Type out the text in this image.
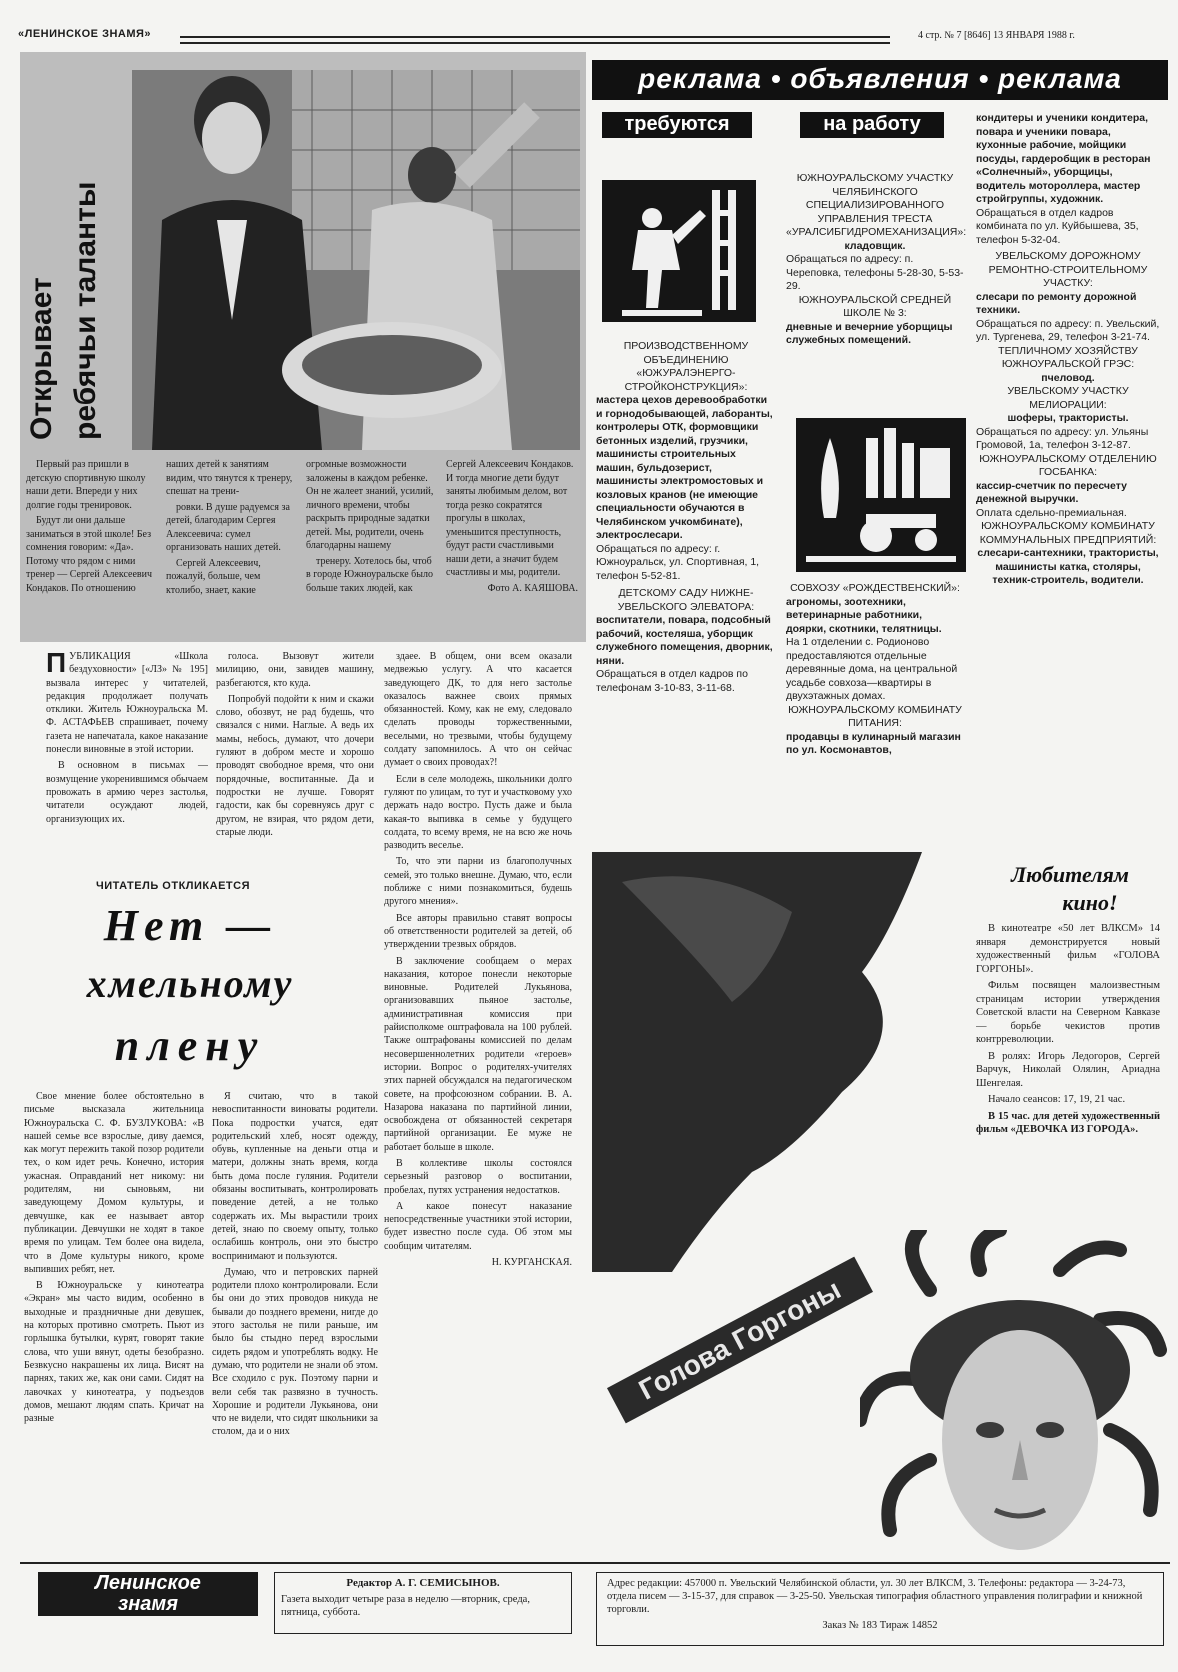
«ЛЕНИНСКОЕ ЗНАМЯ»	4 стр. № 7 [8646] 13 ЯНВАРЯ 1988 г.
Открывает ребячьи таланты

Первый раз пришли в детскую спортивную школу наши дети. Впереди у них долгие годы тренировок.

Будут ли они дальше заниматься в этой школе! Без сомнения говорим: «Да». Потому что рядом с ними тренер — Сергей Алексеевич Кондаков. По отношению наших детей к занятиям видим, что тянутся к тренеру, спешат на трени-

ровки. В душе радуемся за детей, благодарим Сергея Алексеевича: сумел организовать наших детей.

Сергей Алексеевич, пожалуй, больше, чем ктолибо, знает, какие огромные возможности заложены в каждом ребенке. Он не жалеет знаний, усилий, личного времени, чтобы раскрыть природные задатки детей. Мы, родители, очень благодарны нашему

тренеру. Хотелось бы, чтоб в городе Южноуральске было больше таких людей, как Сергей Алексеевич Кондаков. И тогда многие дети будут заняты любимым делом, вот тогда резко сократятся прогулы в школах, уменьшится преступность, будут расти счастливыми наши дети, а значит будем счастливы и мы, родители.

Фото А. КАЯШОВА.

ПУБЛИКАЦИЯ «Школа бездуховности» [«ЛЗ» № 195] вызвала интерес у читателей, редакция продолжает получать отклики. Житель Южноуральска М. Ф. АСТАФЬЕВ спрашивает, почему газета не напечатала, какое наказание понесли виновные в этой истории.

В основном в письмах — возмущение укоренившимся обычаем провожать в армию через застолья, читатели осуждают людей, организующих их.

ЧИТАТЕЛЬ ОТКЛИКАЕТСЯ
Нет —
хмельному
плену

голоса. Вызовут жители милицию, они, завидев машину, разбегаются, кто куда.

Попробуй подойти к ним и скажи слово, обозвут, не рад будешь, что связался с ними. Наглые. А ведь их мамы, небось, думают, что дочери гуляют в добром месте и хорошо проводят свободное время, что они порядочные, воспитанные. Да и подростки не лучше. Говорят гадости, как бы соревнуясь друг с другом, не взирая, что рядом дети, старые люди.

здаее. В общем, они всем оказали медвежью услугу. А что касается заведующего ДК, то для него застолье оказалось важнее своих прямых обязанностей. Кому, как не ему, следовало сделать проводы торжественными, веселыми, но трезвыми, чтобы будущему солдату запомнилось. А что он сейчас думает о своих проводах?!

Если в селе молодежь, школьники долго гуляют по улицам, то тут и участковому ухо держать надо востро. Пусть даже и была какая-то выпивка в семье у будущего солдата, то всему время, не на всю же ночь разводить веселье.

То, что эти парни из благополучных семей, это только внешне. Думаю, что, если поближе с ними познакомиться, будешь другого мнения».

Все авторы правильно ставят вопросы об ответственности родителей за детей, об утверждении трезвых обрядов.

В заключение сообщаем о мерах наказания, которое понесли некоторые виновные. Родителей Лукьянова, организовавших пьяное застолье, административная комиссия при райисполкоме оштрафовала на 100 рублей. Также оштрафованы комиссией по делам несовершеннолетних родители «героев» истории. Вопрос о родителях-учителях этих парней обсуждался на педагогическом совете, на профсоюзном собрании. В. А. Назарова наказана по партийной линии, освобождена от обязанностей секретаря партийной организации. Ее муже не работает больше в школе.

В коллективе школы состоялся серьезный разговор о воспитании, пробелах, путях устранения недостатков.

А какое понесут наказание непосредственные участники этой истории, будет известно после суда. Об этом мы сообщим читателям.

Н. КУРГАНСКАЯ.

Свое мнение более обстоятельно в письме высказала жительница Южноуральска С. Ф. БУЗЛУКОВА: «В нашей семье все взрослые, диву даемся, как могут пережить такой позор родители тех, о ком идет речь. Конечно, история ужасная. Оправданий нет никому: ни родителям, ни сыновьям, ни заведующему Домом культуры, и девчушке, как ее называет автор публикации. Девчушки не ходят в такое время по улицам. Тем более она видела, что в Доме культуры никого, кроме выпивших ребят, нет.

В Южноуральске у кинотеатра «Экран» мы часто видим, особенно в выходные и праздничные дни девушек, на которых противно смотреть. Пьют из горлышка бутылки, курят, говорят такие слова, что уши вянут, одеты безобразно. Безвкусно накрашены их лица. Висят на парнях, таких же, как они сами. Сидят на лавочках у кинотеатра, у подъездов домов, мешают людям спать. Кричат на разные

Я считаю, что в такой невоспитанности виноваты родители. Пока подростки учатся, едят родительский хлеб, носят одежду, обувь, купленные на деньги отца и матери, должны знать время, когда быть дома после гуляния. Родители обязаны воспитывать, контролировать поведение детей, а не только содержать их. Мы вырастили троих детей, знаю по своему опыту, только ослабишь контроль, они это быстро воспринимают и пользуются.

Думаю, что и петровских парней родители плохо контролировали. Если бы они до этих проводов никуда не бывали до позднего времени, нигде до этого застолья не пили раньше, им было бы стыдно перед взрослыми сидеть рядом и употреблять водку. Не думаю, что родители не знали об этом. Все сходило с рук. Поэтому парни и вели себя так развязно в тучность. Хорошие и родители Лукьянова, они что не видели, что сидят школьники за столом, да и о них

реклама • объявления • реклама
требуются	на работу
ПРОИЗВОДСТВЕННОМУ ОБЪЕДИНЕНИЮ «ЮЖУРАЛЭНЕРГО-СТРОЙКОНСТРУКЦИЯ»:
мастера цехов деревообработки и горнодобывающей, лаборанты, контролеры ОТК, формовщики бетонных изделий, грузчики, машинисты строительных машин, бульдозерист, машинисты электромостовых и козловых кранов (не имеющие специальности обучаются в Челябинском учкомбинате), электрослесари.
Обращаться по адресу: г. Южноуральск, ул. Спортивная, 1, телефон 5-52-81.
ДЕТСКОМУ САДУ НИЖНЕ-УВЕЛЬСКОГО ЭЛЕВАТОРА:
воспитатели, повара, подсобный рабочий, костеляша, уборщик служебного помещения, дворник, няни.
Обращаться в отдел кадров по телефонам 3-10-83, 3-11-68.
ЮЖНОУРАЛЬСКОМУ УЧАСТКУ ЧЕЛЯБИНСКОГО СПЕЦИАЛИЗИРОВАННОГО УПРАВЛЕНИЯ ТРЕСТА «УРАЛСИБГИДРОМЕХАНИЗАЦИЯ»:
кладовщик.
Обращаться по адресу: п. Череповка, телефоны 5-28-30, 5-53-29.
ЮЖНОУРАЛЬСКОЙ СРЕДНЕЙ ШКОЛЕ № 3:
дневные и вечерние уборщицы служебных помещений.
СОВХОЗУ «РОЖДЕСТВЕНСКИЙ»:
агрономы, зоотехники, ветеринарные работники, доярки, скотники, телятницы.
На 1 отделении с. Родионово предоставляются отдельные деревянные дома, на центральной усадьбе совхоза—квартиры в двухэтажных домах.
ЮЖНОУРАЛЬСКОМУ КОМБИНАТУ ПИТАНИЯ:
продавцы в кулинарный магазин по ул. Космонавтов,
кондитеры и ученики кондитера, повара и ученики повара, кухонные рабочие, мойщики посуды, гардеробщик в ресторан «Солнечный», уборщицы, водитель мотороллера, мастер стройгруппы, художник.
Обращаться в отдел кадров комбината по ул. Куйбышева, 35, телефон 5-32-04.
УВЕЛЬСКОМУ ДОРОЖНОМУ РЕМОНТНО-СТРОИТЕЛЬНОМУ УЧАСТКУ:
слесари по ремонту дорожной техники.
Обращаться по адресу: п. Увельский, ул. Тургенева, 29, телефон 3-21-74.
ТЕПЛИЧНОМУ ХОЗЯЙСТВУ ЮЖНОУРАЛЬСКОЙ ГРЭС:
пчеловод.
УВЕЛЬСКОМУ УЧАСТКУ МЕЛИОРАЦИИ:
шоферы, трактористы.
Обращаться по адресу: ул. Ульяны Громовой, 1а, телефон 3-12-87.
ЮЖНОУРАЛЬСКОМУ ОТДЕЛЕНИЮ ГОСБАНКА:
кассир-счетчик по пересчету денежной выручки.
Оплата сдельно-премиальная.
ЮЖНОУРАЛЬСКОМУ КОМБИНАТУ КОММУНАЛЬНЫХ ПРЕДПРИЯТИЙ:
слесари-сантехники, трактористы, машинисты катка, столяры, техник-строитель, водители.
Любителям
кино!

В кинотеатре «50 лет ВЛКСМ» 14 января демонстрируется новый художественный фильм «ГОЛОВА ГОРГОНЫ».

Фильм посвящен малоизвестным страницам истории утверждения Советской власти на Северном Кавказе — борьбе чекистов против контрреволюции.

В ролях: Игорь Ледогоров, Сергей Варчук, Николай Олялин, Ариадна Шенгелая.

Начало сеансов: 17, 19, 21 час.

В 15 час. для детей художественный фильм «ДЕВОЧКА ИЗ ГОРОДА».

Голова Горгоны
Ленинское
знамя
Редактор А. Г. СЕМИСЫНОВ.
Газета выходит четыре раза в неделю —вторник, среда, пятница, суббота.
Адрес редакции: 457000 п. Увельский Челябинской области, ул. 30 лет ВЛКСМ, 3. Телефоны: редактора — 3-24-73, отдела писем — 3-15-37, для справок — 3-25-50. Увельская типография областного управления полиграфии и книжной торговли.
Заказ № 183 Тираж 14852
